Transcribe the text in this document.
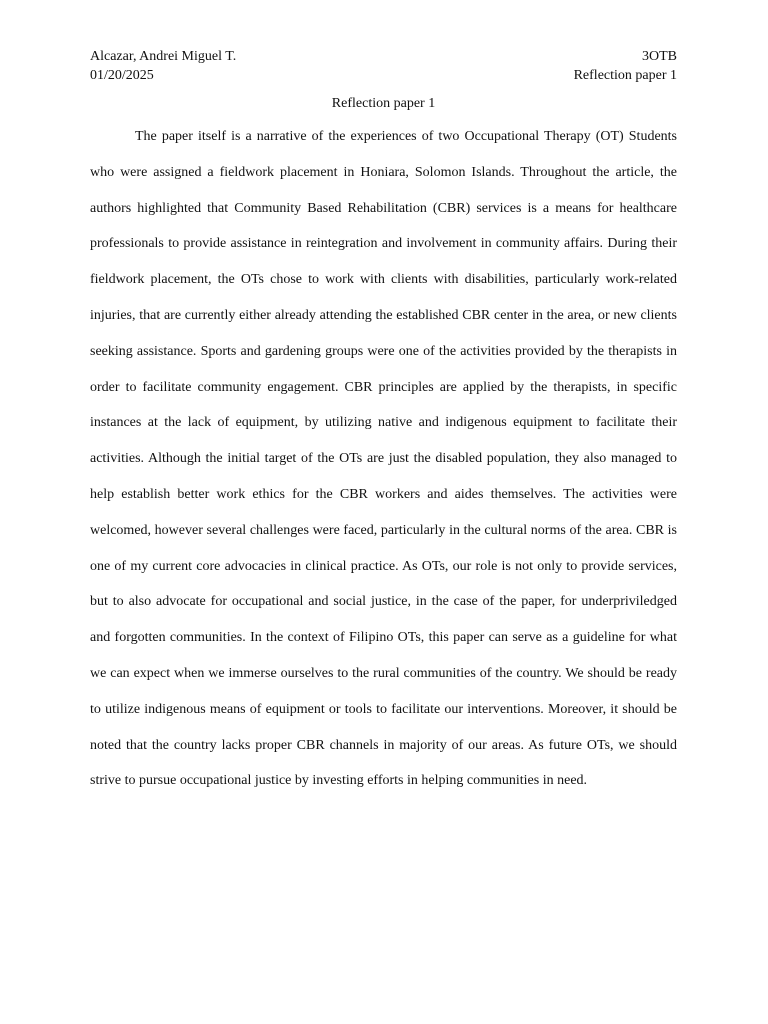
Alcazar, Andrei Miguel T.	3OTB
01/20/2025	Reflection paper 1
Reflection paper 1

The paper itself is a narrative of the experiences of two Occupational Therapy (OT) Students who were assigned a fieldwork placement in Honiara, Solomon Islands. Throughout the article, the authors highlighted that Community Based Rehabilitation (CBR) services is a means for healthcare professionals to provide assistance in reintegration and involvement in community affairs. During their fieldwork placement, the OTs chose to work with clients with disabilities, particularly work-related injuries, that are currently either already attending the established CBR center in the area, or new clients seeking assistance. Sports and gardening groups were one of the activities provided by the therapists in order to facilitate community engagement. CBR principles are applied by the therapists, in specific instances at the lack of equipment, by utilizing native and indigenous equipment to facilitate their activities. Although the initial target of the OTs are just the disabled population, they also managed to help establish better work ethics for the CBR workers and aides themselves. The activities were welcomed, however several challenges were faced, particularly in the cultural norms of the area. CBR is one of my current core advocacies in clinical practice. As OTs, our role is not only to provide services, but to also advocate for occupational and social justice, in the case of the paper, for underpriviledged and forgotten communities. In the context of Filipino OTs, this paper can serve as a guideline for what we can expect when we immerse ourselves to the rural communities of the country. We should be ready to utilize indigenous means of equipment or tools to facilitate our interventions. Moreover, it should be noted that the country lacks proper CBR channels in majority of our areas. As future OTs, we should strive to pursue occupational justice by investing efforts in helping communities in need.
